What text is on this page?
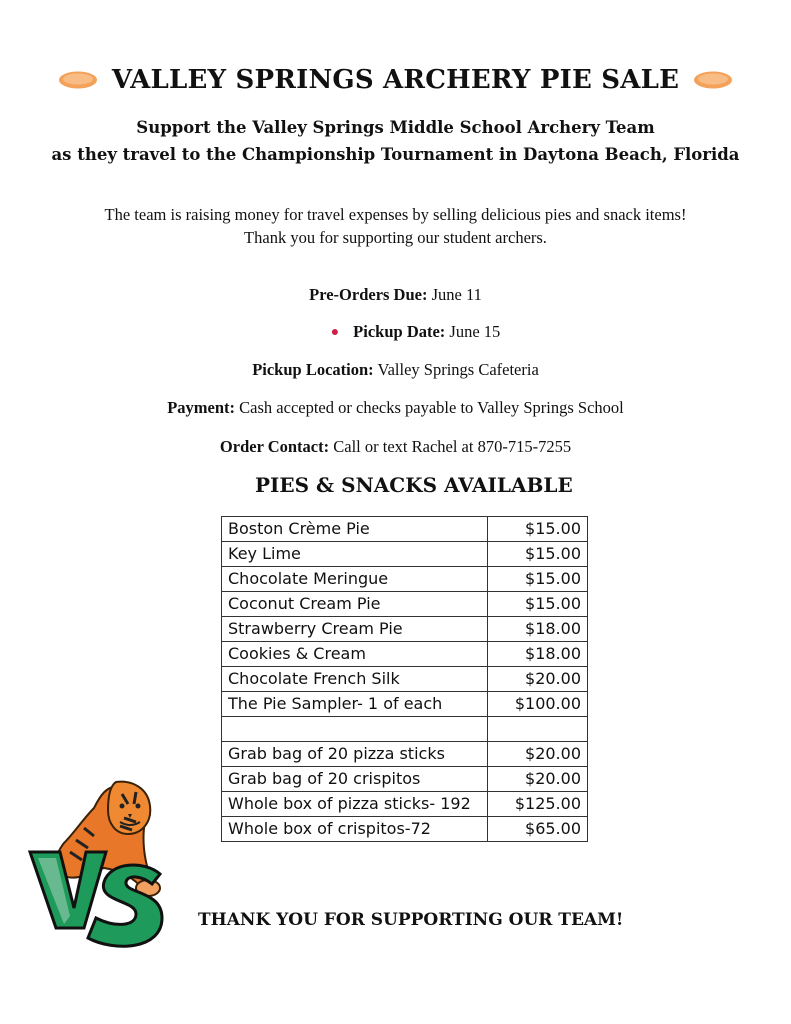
VALLEY SPRINGS ARCHERY PIE SALE
Support the Valley Springs Middle School Archery Team
as they travel to the Championship Tournament in Daytona Beach, Florida
The team is raising money for travel expenses by selling delicious pies and snack items!
Thank you for supporting our student archers.
Pre-Orders Due: June 11
● Pickup Date: June 15
Pickup Location: Valley Springs Cafeteria
Payment: Cash accepted or checks payable to Valley Springs School
Order Contact: Call or text Rachel at 870-715-7255
PIES & SNACKS AVAILABLE
Boston Crème Pie	$15.00
Key Lime	$15.00
Chocolate Meringue	$15.00
Coconut Cream Pie	$15.00
Strawberry Cream Pie	$18.00
Cookies & Cream	$18.00
Chocolate French Silk	$20.00
The Pie Sampler- 1 of each	$100.00

Grab bag of 20 pizza sticks	$20.00
Grab bag of 20 crispitos	$20.00
Whole box of pizza sticks- 192	$125.00
Whole box of crispitos-72	$65.00
THANK YOU FOR SUPPORTING OUR TEAM!
